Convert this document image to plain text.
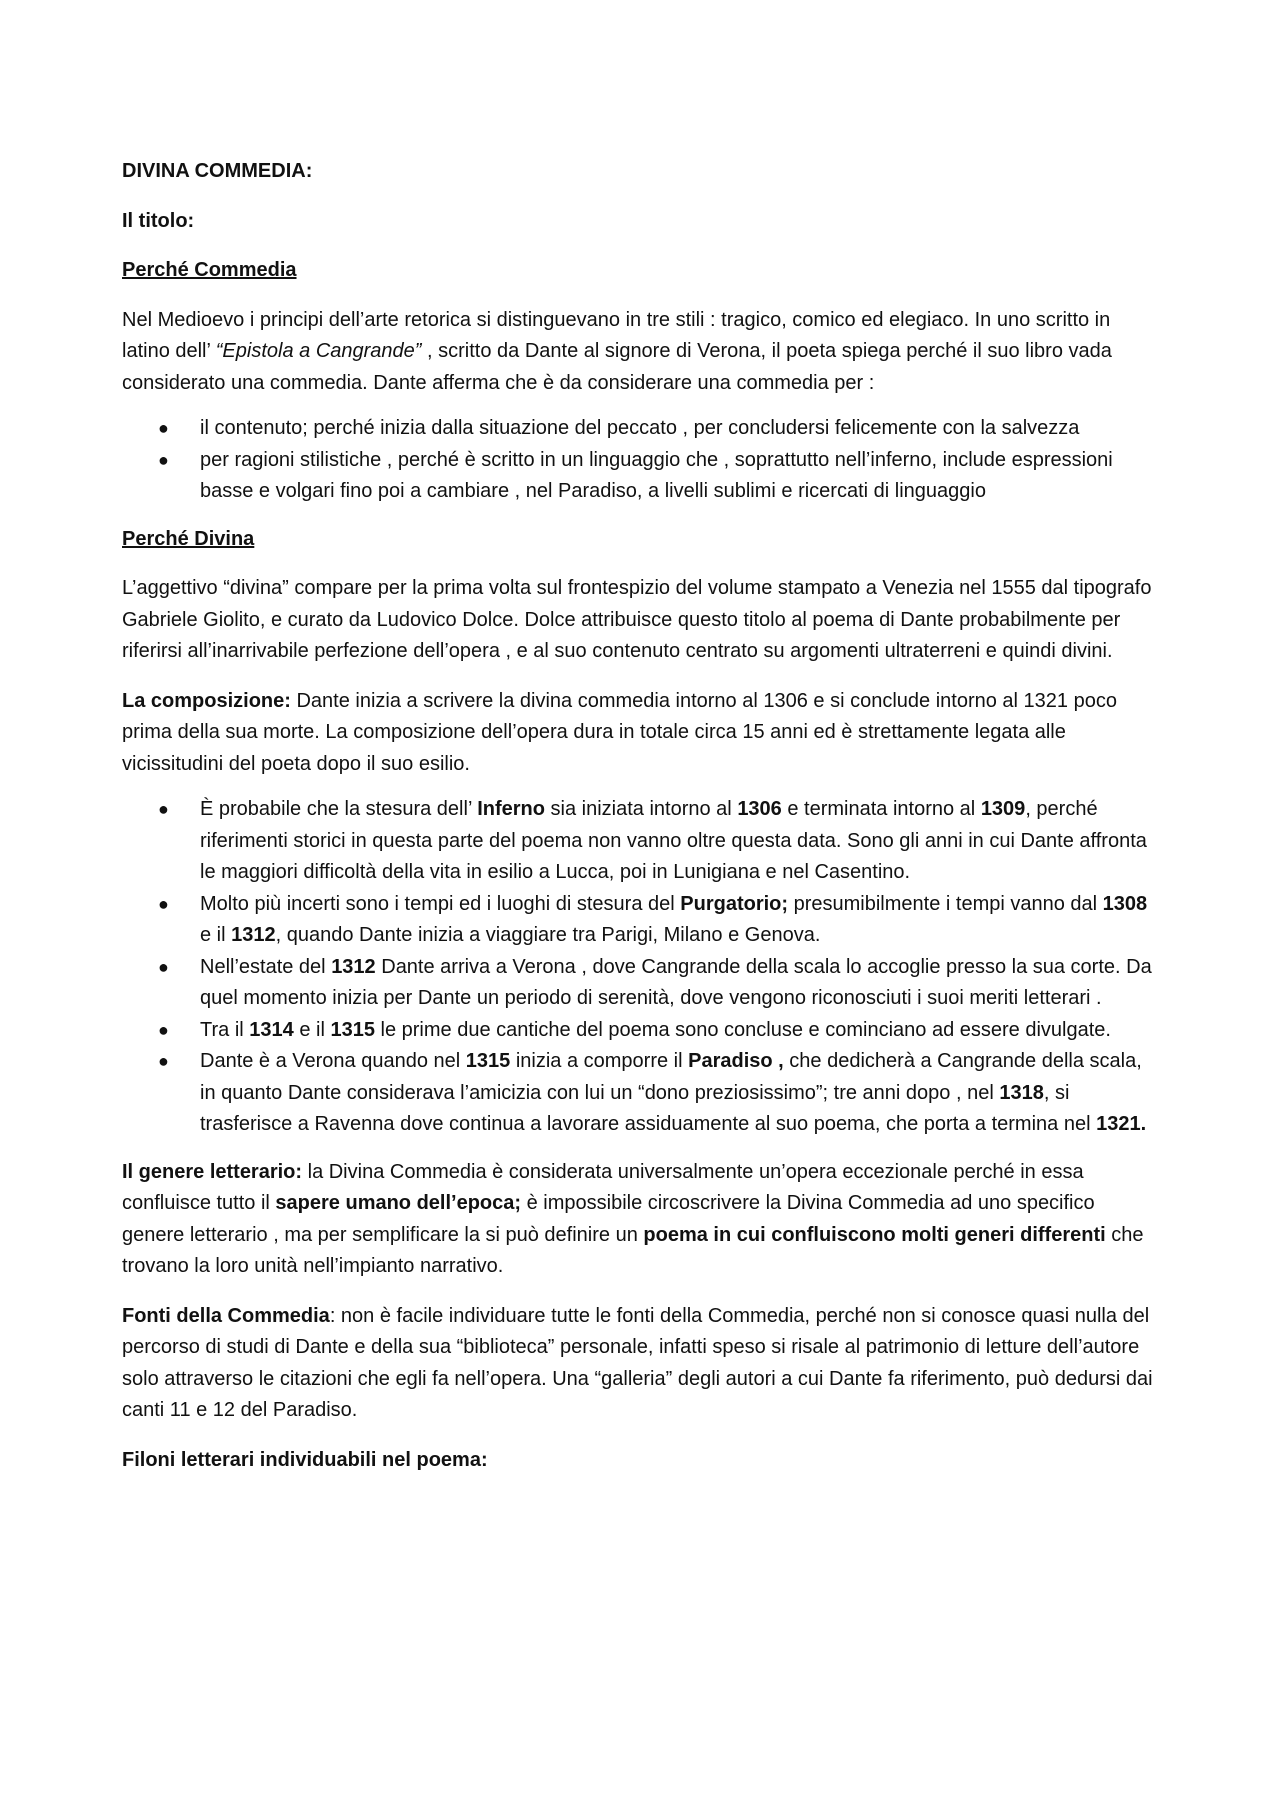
DIVINA COMMEDIA:

Il titolo:

Perché Commedia

Nel Medioevo i principi dell’arte retorica si distinguevano in tre stili : tragico, comico ed elegiaco. In uno scritto in latino dell’ “Epistola a Cangrande” , scritto da Dante al signore di Verona, il poeta spiega perché il suo libro vada considerato una commedia. Dante afferma che è da considerare una commedia per :

● il contenuto; perché inizia dalla situazione del peccato , per concludersi felicemente con la salvezza
● per ragioni stilistiche , perché è scritto in un linguaggio che , soprattutto nell’inferno, include espressioni basse e volgari fino poi a cambiare , nel Paradiso, a livelli sublimi e ricercati di linguaggio

Perché Divina

L’aggettivo “divina” compare per la prima volta sul frontespizio del volume stampato a Venezia nel 1555 dal tipografo Gabriele Giolito, e curato da Ludovico Dolce. Dolce attribuisce questo titolo al poema di Dante probabilmente per riferirsi all’inarrivabile perfezione dell’opera , e al suo contenuto centrato su argomenti ultraterreni e quindi divini.

La composizione: Dante inizia a scrivere la divina commedia intorno al 1306 e si conclude intorno al 1321 poco prima della sua morte. La composizione dell’opera dura in totale circa 15 anni ed è strettamente legata alle vicissitudini del poeta dopo il suo esilio.

● È probabile che la stesura dell’ Inferno sia iniziata intorno al 1306 e terminata intorno al 1309, perché riferimenti storici in questa parte del poema non vanno oltre questa data. Sono gli anni in cui Dante affronta le maggiori difficoltà della vita in esilio a Lucca, poi in Lunigiana e nel Casentino.
● Molto più incerti sono i tempi ed i luoghi di stesura del Purgatorio; presumibilmente i tempi vanno dal 1308 e il 1312, quando Dante inizia a viaggiare tra Parigi, Milano e Genova.
● Nell’estate del 1312 Dante arriva a Verona , dove Cangrande della scala lo accoglie presso la sua corte. Da quel momento inizia per Dante un periodo di serenità, dove vengono riconosciuti i suoi meriti letterari .
● Tra il 1314 e il 1315 le prime due cantiche del poema sono concluse e cominciano ad essere divulgate.
● Dante è a Verona quando nel 1315 inizia a comporre il Paradiso , che dedicherà a Cangrande della scala, in quanto Dante considerava l’amicizia con lui un “dono preziosissimo”; tre anni dopo , nel 1318, si trasferisce a Ravenna dove continua a lavorare assiduamente al suo poema, che porta a termina nel 1321.

Il genere letterario: la Divina Commedia è considerata universalmente un’opera eccezionale perché in essa confluisce tutto il sapere umano dell’epoca; è impossibile circoscrivere la Divina Commedia ad uno specifico genere letterario , ma per semplificare la si può definire un poema in cui confluiscono molti generi differenti che trovano la loro unità nell’impianto narrativo.

Fonti della Commedia: non è facile individuare tutte le fonti della Commedia, perché non si conosce quasi nulla del percorso di studi di Dante e della sua “biblioteca” personale, infatti speso si risale al patrimonio di letture dell’autore solo attraverso le citazioni che egli fa nell’opera. Una “galleria” degli autori a cui Dante fa riferimento, può dedursi dai canti 11 e 12 del Paradiso.

Filoni letterari individuabili nel poema:
